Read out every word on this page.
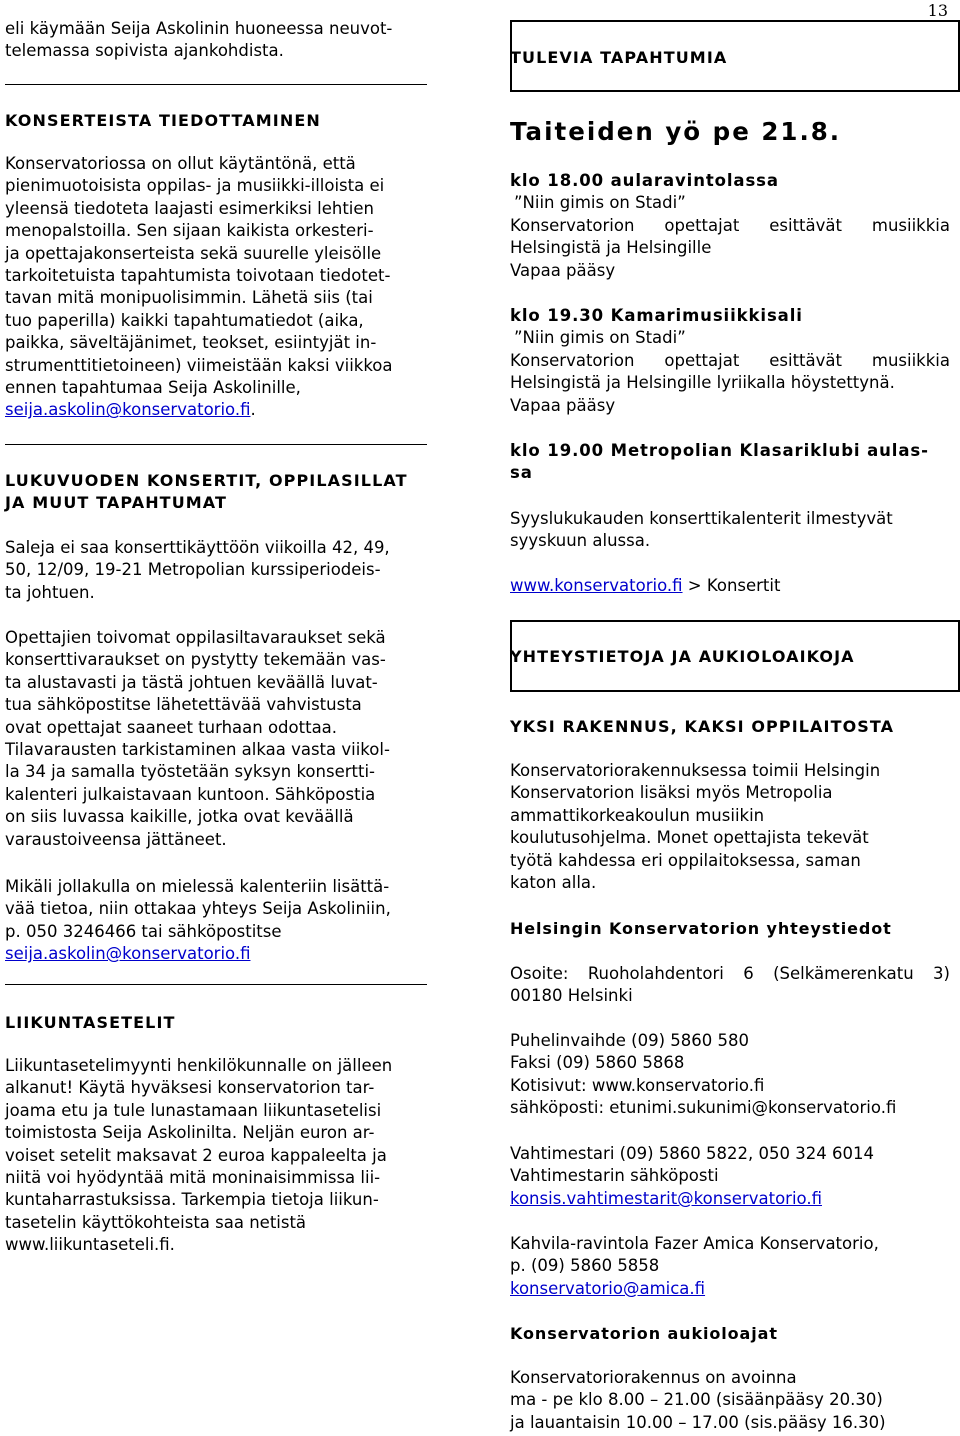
13
eli käymään Seija Askolinin huoneessa neuvot-
telemassa sopivista ajankohdista.
KONSERTEISTA TIEDOTTAMINEN
Konservatoriossa on ollut käytäntönä, että
pienimuotoisista oppilas- ja musiikki-illoista ei
yleensä tiedoteta laajasti esimerkiksi lehtien
menopalstoilla. Sen sijaan kaikista orkesteri-
ja opettajakonserteista sekä suurelle yleisölle
tarkoitetuista tapahtumista toivotaan tiedotet-
tavan mitä monipuolisimmin. Lähetä siis (tai
tuo paperilla) kaikki tapahtumatiedot (aika,
paikka, säveltäjänimet, teokset, esiintyjät in-
strumenttitietoineen) viimeistään kaksi viikkoa
ennen tapahtumaa Seija Askolinille,
seija.askolin@konservatorio.fi.
LUKUVUODEN KONSERTIT, OPPILASILLAT
JA MUUT TAPAHTUMAT
Saleja ei saa konserttikäyttöön viikoilla 42, 49,
50, 12/09, 19-21 Metropolian kurssiperiodeis-
ta johtuen.
Opettajien toivomat oppilasiltavaraukset sekä
konserttivaraukset on pystytty tekemään vas-
ta alustavasti ja tästä johtuen keväällä luvat-
tua sähköpostitse lähetettävää vahvistusta
ovat opettajat saaneet turhaan odottaa.
Tilavarausten tarkistaminen alkaa vasta viikol-
la 34 ja samalla työstetään syksyn konsertti-
kalenteri julkaistavaan kuntoon. Sähköpostia
on siis luvassa kaikille, jotka ovat keväällä
varaustoiveensa jättäneet.
Mikäli jollakulla on mielessä kalenteriin lisättä-
vää tietoa, niin ottakaa yhteys Seija Askoliniin,
p. 050 3246466 tai sähköpostitse
seija.askolin@konservatorio.fi
LIIKUNTASETELIT
Liikuntasetelimyynti henkilökunnalle on jälleen
alkanut! Käytä hyväksesi konservatorion tar-
joama etu ja tule lunastamaan liikuntasetelisi
toimistosta Seija Askolinilta. Neljän euron ar-
voiset setelit maksavat 2 euroa kappaleelta ja
niitä voi hyödyntää mitä moninaisimmissa lii-
kuntaharrastuksissa. Tarkempia tietoja liikun-
tasetelin käyttökohteista saa netistä
www.liikuntaseteli.fi.
TULEVIA TAPAHTUMIA
Taiteiden yö pe 21.8.
klo 18.00 aularavintolassa
”Niin gimis on Stadi”
Konservatorion opettajat esittävät musiikkia
Helsingistä ja Helsingille
Vapaa pääsy
klo 19.30 Kamarimusiikkisali
”Niin gimis on Stadi”
Konservatorion opettajat esittävät musiikkia
Helsingistä ja Helsingille lyriikalla höystettynä.
Vapaa pääsy
klo 19.00 Metropolian Klasariklubi aulas-
sa
Syyslukukauden konserttikalenterit ilmestyvät
syyskuun alussa.
www.konservatorio.fi > Konsertit
YHTEYSTIETOJA JA AUKIOLOAIKOJA
YKSI RAKENNUS, KAKSI OPPILAITOSTA
Konservatoriorakennuksessa toimii Helsingin
Konservatorion lisäksi myös Metropolia
ammattikorkeakoulun musiikin
koulutusohjelma. Monet opettajista tekevät
työtä kahdessa eri oppilaitoksessa, saman
katon alla.
Helsingin Konservatorion yhteystiedot
Osoite: Ruoholahdentori 6 (Selkämerenkatu 3)
00180 Helsinki
Puhelinvaihde (09) 5860 580
Faksi (09) 5860 5868
Kotisivut: www.konservatorio.fi
sähköposti: etunimi.sukunimi@konservatorio.fi
Vahtimestari (09) 5860 5822, 050 324 6014
Vahtimestarin sähköposti
konsis.vahtimestarit@konservatorio.fi
Kahvila-ravintola Fazer Amica Konservatorio,
p. (09) 5860 5858
konservatorio@amica.fi
Konservatorion aukioloajat
Konservatoriorakennus on avoinna
ma - pe klo 8.00 – 21.00 (sisäänpääsy 20.30)
ja lauantaisin 10.00 – 17.00 (sis.pääsy 16.30)
